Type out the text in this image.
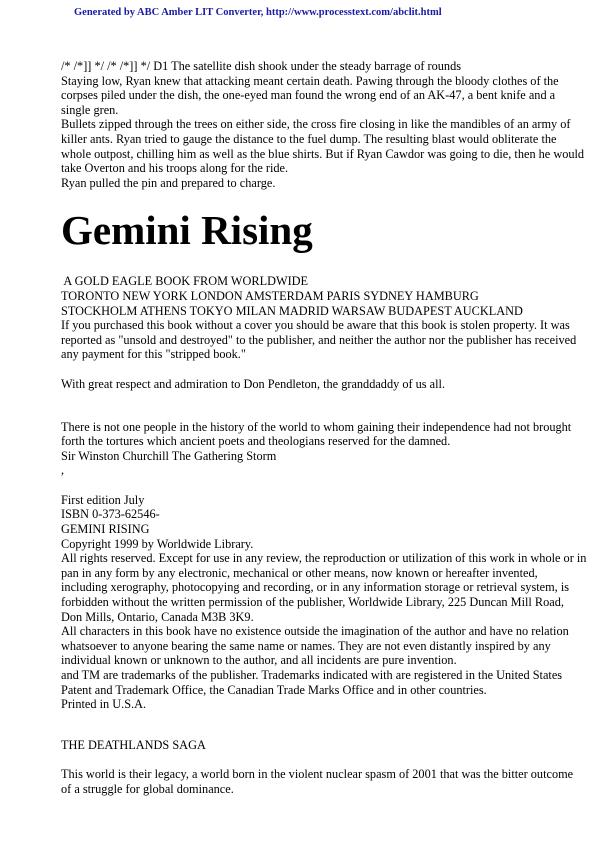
Generated by ABC Amber LIT Converter, http://www.processtext.com/abclit.html
/* /*]] */ /* /*]] */ D1 The satellite dish shook under the steady barrage of rounds
Staying low, Ryan knew that attacking meant certain death. Pawing through the bloody clothes of the
corpses piled under the dish, the one-eyed man found the wrong end of an AK-47, a bent knife and a
single gren.
Bullets zipped through the trees on either side, the cross fire closing in like the mandibles of an army of
killer ants. Ryan tried to gauge the distance to the fuel dump. The resulting blast would obliterate the
whole outpost, chilling him as well as the blue shirts. But if Ryan Cawdor was going to die, then he would
take Overton and his troops along for the ride.
Ryan pulled the pin and prepared to charge.
Gemini Rising
A GOLD EAGLE BOOK FROM WORLDWIDE
TORONTO NEW YORK LONDON AMSTERDAM PARIS SYDNEY HAMBURG
STOCKHOLM ATHENS TOKYO MILAN MADRID WARSAW BUDAPEST AUCKLAND
If you purchased this book without a cover you should be aware that this book is stolen property. It was
reported as "unsold and destroyed" to the publisher, and neither the author nor the publisher has received
any payment for this "stripped book."
With great respect and admiration to Don Pendleton, the granddaddy of us all.
There is not one people in the history of the world to whom gaining their independence had not brought
forth the tortures which ancient poets and theologians reserved for the damned.
Sir Winston Churchill The Gathering Storm
,
First edition July
ISBN 0-373-62546-
GEMINI RISING
Copyright 1999 by Worldwide Library.
All rights reserved. Except for use in any review, the reproduction or utilization of this work in whole or in
pan in any form by any electronic, mechanical or other means, now known or hereafter invented,
including xerography, photocopying and recording, or in any information storage or retrieval system, is
forbidden without the written permission of the publisher, Worldwide Library, 225 Duncan Mill Road,
Don Mills, Ontario, Canada M3B 3K9.
All characters in this book have no existence outside the imagination of the author and have no relation
whatsoever to anyone bearing the same name or names. They are not even distantly inspired by any
individual known or unknown to the author, and all incidents are pure invention.
and TM are trademarks of the publisher. Trademarks indicated with are registered in the United States
Patent and Trademark Office, the Canadian Trade Marks Office and in other countries.
Printed in U.S.A.
THE DEATHLANDS SAGA
This world is their legacy, a world born in the violent nuclear spasm of 2001 that was the bitter outcome
of a struggle for global dominance.
